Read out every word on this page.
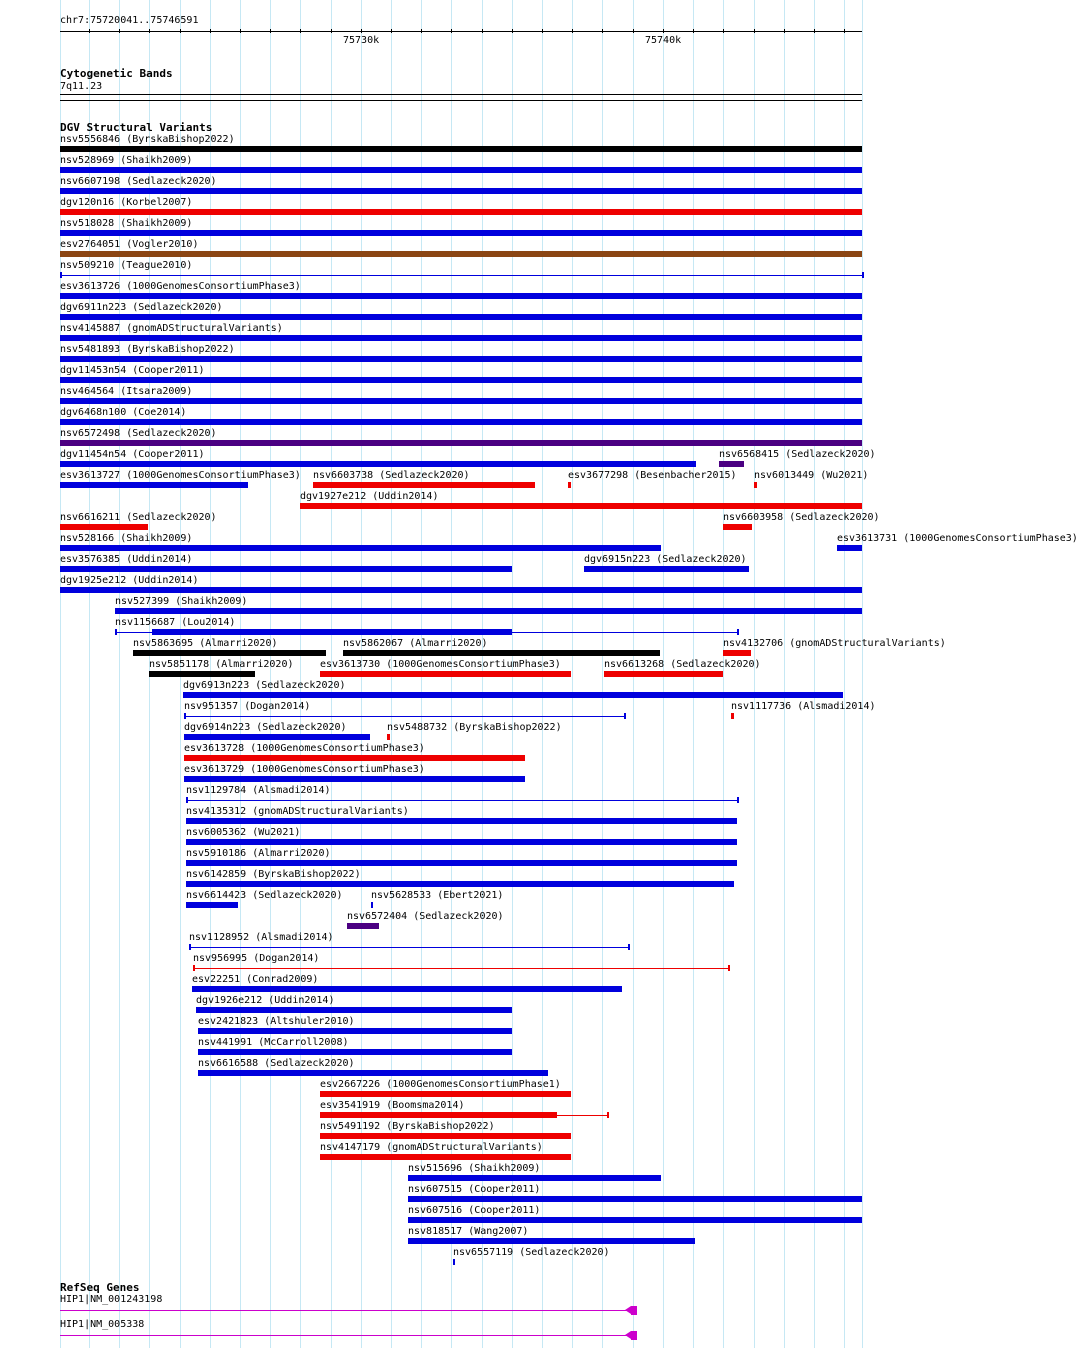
chr7:75720041..75746591
75730k	75740k
Cytogenetic Bands
7q11.23
DGV Structural Variants
nsv5556846 (ByrskaBishop2022)
nsv528969 (Shaikh2009)
nsv6607198 (Sedlazeck2020)
dgv120n16 (Korbel2007)
nsv518028 (Shaikh2009)
esv2764051 (Vogler2010)
nsv509210 (Teague2010)
esv3613726 (1000GenomesConsortiumPhase3)
dgv6911n223 (Sedlazeck2020)
nsv4145887 (gnomADStructuralVariants)
nsv5481893 (ByrskaBishop2022)
dgv11453n54 (Cooper2011)
nsv464564 (Itsara2009)
dgv6468n100 (Coe2014)
nsv6572498 (Sedlazeck2020)
dgv11454n54 (Cooper2011)	nsv6568415 (Sedlazeck2020)
esv3613727 (1000GenomesConsortiumPhase3)
dgv1927e212 (Uddin2014)
nsv6616211 (Sedlazeck2020)
nsv6603738 (Sedlazeck2020)	esv3677298 (Besenbacher2015) nsv6013449 (Wu2021)
nsv528166 (Shaikh2009)
nsv6603958 (Sedlazeck2020)
esv3576385 (Uddin2014)	dgv6915n223 (Sedlazeck2020)
esv3613731 (1000GenomesConsortiumPhase3)
dgv1925e212 (Uddin2014)
nsv527399 (Shaikh2009)
nsv1156687 (Lou2014)
nsv5863695 (Almarri2020)	nsv5862067 (Almarri2020)	nsv4132706 (gnomADStructuralVariants)
nsv5851178 (Almarri2020)	esv3613730 (1000GenomesConsortiumPhase3)	nsv6613268 (Sedlazeck2020)
dgv6913n223 (Sedlazeck2020)
nsv951357 (Dogan2014)	nsv1117736 (Alsmadi2014)
dgv6914n223 (Sedlazeck2020)	nsv5488732 (ByrskaBishop2022)
esv3613728 (1000GenomesConsortiumPhase3)
esv3613729 (1000GenomesConsortiumPhase3)
nsv1129784 (Alsmadi2014)
nsv4135312 (gnomADStructuralVariants)
nsv6005362 (Wu2021)
nsv5910186 (Almarri2020)
nsv6142859 (ByrskaBishop2022)
nsv6614423 (Sedlazeck2020)
nsv6572404 (Sedlazeck2020)
nsv1128952 (Alsmadi2014)
nsv956995 (Dogan2014)
esv22251 (Conrad2009)
dgv1926e212 (Uddin2014)
esv2421823 (Altshuler2010)
nsv441991 (McCarroll2008)
nsv6616588 (Sedlazeck2020)
esv2667226 (1000GenomesConsortiumPhase1)
esv3541919 (Boomsma2014)
nsv5491192 (ByrskaBishop2022)
nsv4147179 (gnomADStructuralVariants)
nsv5628533 (Ebert2021)
nsv515696 (Shaikh2009)
nsv607515 (Cooper2011)
nsv607516 (Cooper2011)
nsv818517 (Wang2007)
nsv6557119 (Sedlazeck2020)
RefSeq Genes
HIP1|NM_001243198
HIP1|NM_005338
